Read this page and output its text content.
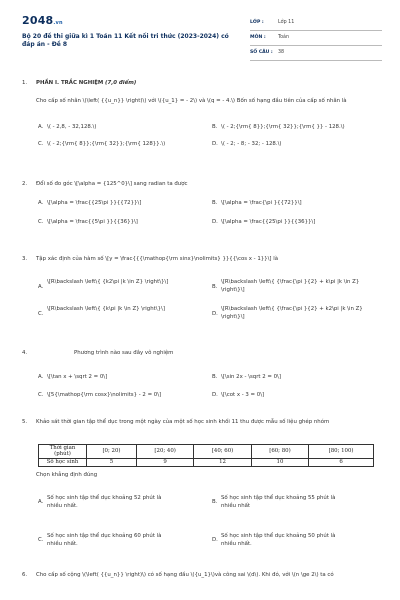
2048.vn
Bộ 20 đề thi giữa kì 1 Toán 11 Kết nối tri thức (2023-2024) có đáp án - Đề 8
LỚP :	Lớp 11
MÔN :	Toán
SỐ CÂU :	38
1. PHẦN I. TRẮC NGHIỆM (7,0 điểm)
Cho cấp số nhân \(\left( {{u_n}} \right)\) với \({u_1} = - 2\) và \(q = - 4.\) Bốn số hạng đầu tiên của cấp số nhân là
A. \( - 2,8, - 32,128.\)	B. \( - 2;{\rm{ 8}};{\rm{ 32}};{\rm{ }} - 128.\)
C. \( - 2;{\rm{ 8}};{\rm{ 32}};{\rm{ 128}}.\)	D. \( - 2; - 8; - 32; - 128.\)
2. Đổi số đo góc \[\alpha = {125^0}\] sang radian ta được
A. \[\alpha = \frac{{25\pi }}{{72}}\]	B. \[\alpha = \frac{\pi }{{72}}\]
C. \[\alpha = \frac{{5\pi }}{{36}}\]	D. \[\alpha = \frac{{25\pi }}{{36}}\]
3. Tập xác định của hàm số \[y = \frac{{{\mathop{\rm sinx}\nolimits} }}{{\cos x - 1}}\] là
A.
\[R\backslash \left\{ {k2\pi |k \in Z} \right\}\]
B.
\[R\backslash \left\{ {\frac{\pi }{2} + k\pi |k \in Z} \right\}\]
C.
\[R\backslash \left\{ {k\pi |k \in Z} \right\}\]
D.
\[R\backslash \left\{ {\frac{\pi }{2} + k2\pi |k \in Z} \right\}\]
4.	Phương trình nào sau đây vô nghiệm
A. \[\tan x + \sqrt 2 = 0\]	B. \[\sin 2x - \sqrt 2 = 0\]
C. \[5{\mathop{\rm cosx}\nolimits} - 2 = 0\]	D. \[\cot x - 3 = 0\]
5. Khảo sát thời gian tập thể dục trong một ngày của một số học sinh khối 11 thu được mẫu số liệu ghép nhóm
Thời gian (phút)	[0; 20)	[20; 40)	[40; 60)	[60; 80)	[80; 100)
Số học sinh	5	9	12	10	6
Chọn khẳng định đúng
A.
Số học sinh tập thể dục khoảng 52 phút là nhiều nhất.
B.
Số học sinh tập thể dục khoảng 55 phút là nhiều nhất
C.
Số học sinh tập thể dục khoảng 60 phút là nhiều nhất.
D.
Số học sinh tập thể dục khoảng 50 phút là nhiều nhất.
6. Cho cấp số cộng \(\left( {{u_n}} \right)\) có số hạng đầu \({u_1}\)và công sai \(d\). Khi đó, với \(n \ge 2\) ta có
